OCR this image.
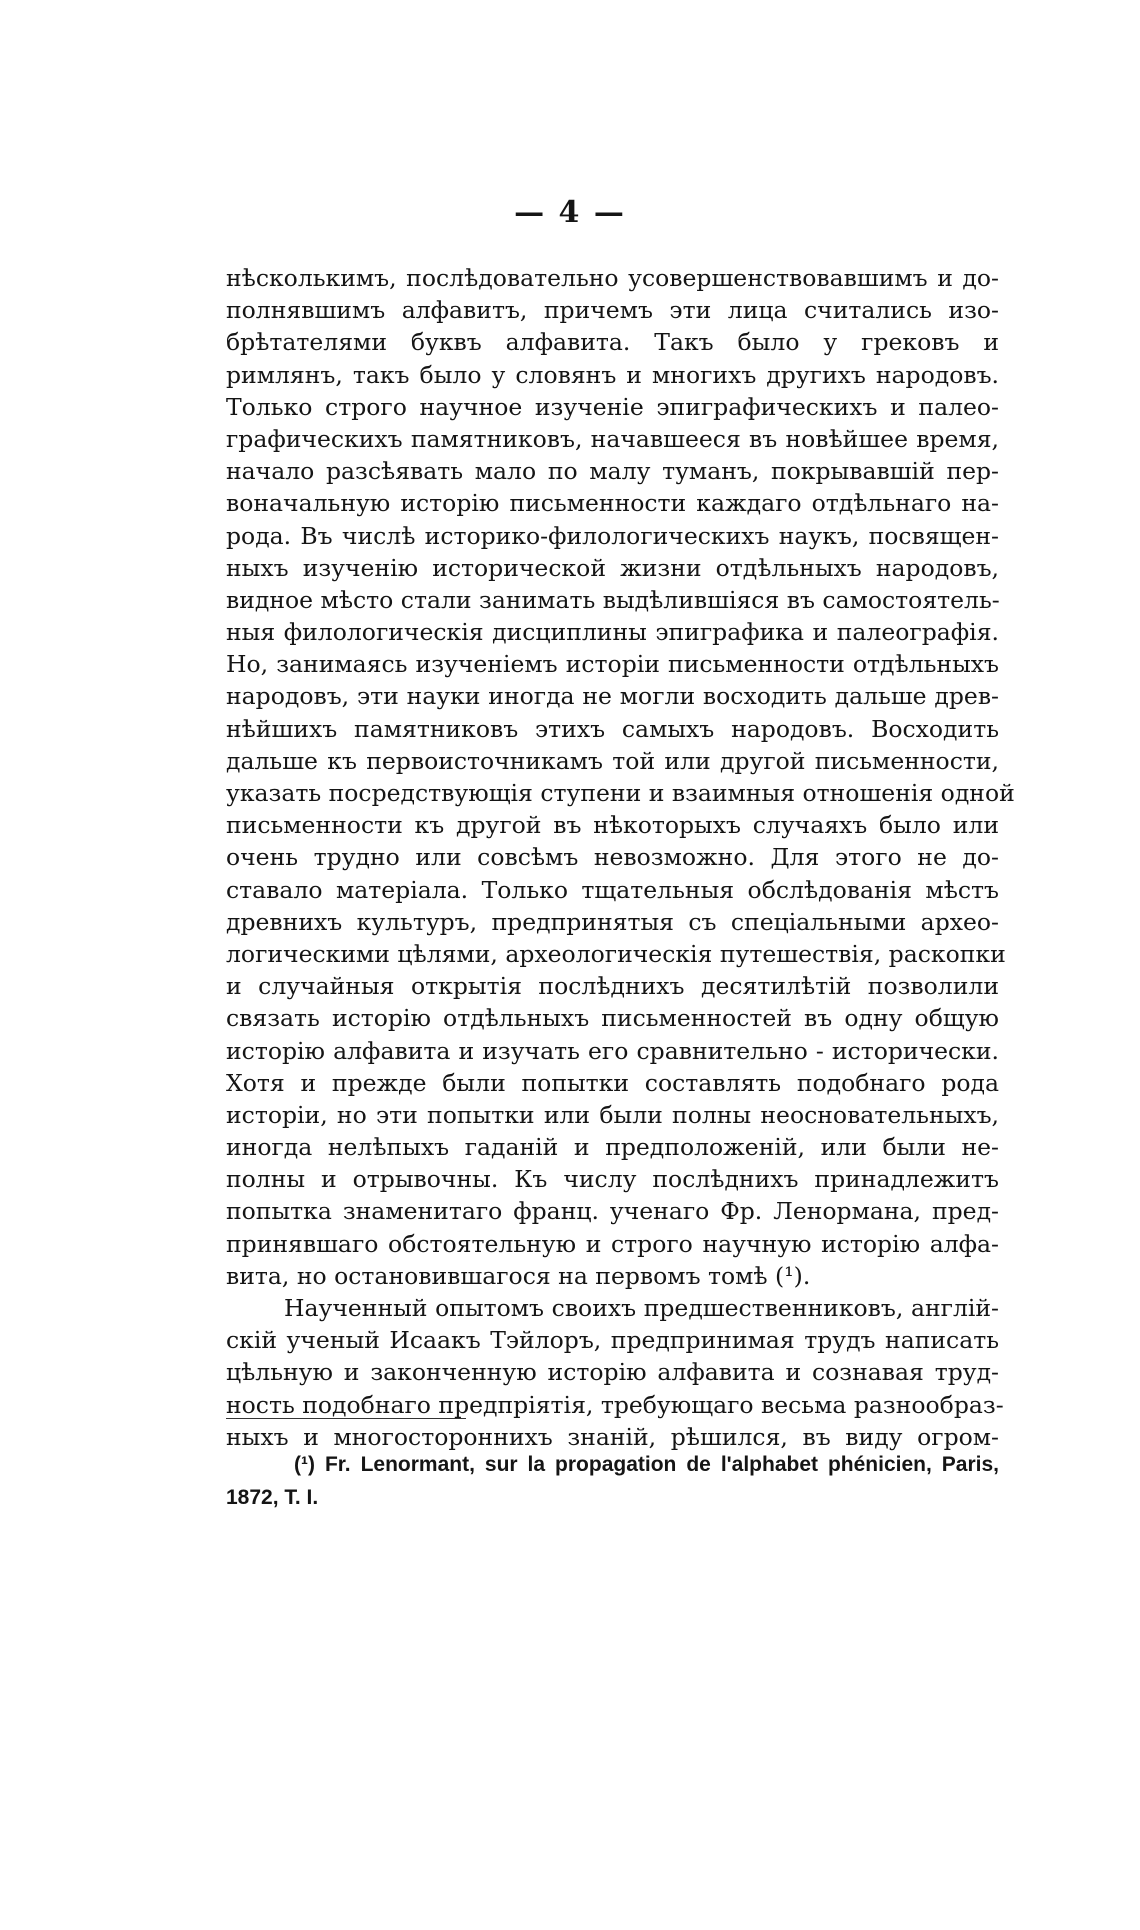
— 4 —
нѣсколькимъ, послѣдовательно усовершенствовавшимъ и до-
полнявшимъ алфавитъ, причемъ эти лица считались изо-
брѣтателями буквъ алфавита. Такъ было у грековъ и
римлянъ, такъ было у словянъ и многихъ другихъ народовъ.
Только строго научное изученіе эпиграфическихъ и палео-
графическихъ памятниковъ, начавшееся въ новѣйшее время,
начало разсѣявать мало по малу туманъ, покрывавшій пер-
воначальную исторію письменности каждаго отдѣльнаго на-
рода. Въ числѣ историко-филологическихъ наукъ, посвящен-
ныхъ изученію исторической жизни отдѣльныхъ народовъ,
видное мѣсто стали занимать выдѣлившіяся въ самостоятель-
ныя филологическія дисциплины эпиграфика и палеографія.
Но, занимаясь изученіемъ исторіи письменности отдѣльныхъ
народовъ, эти науки иногда не могли восходить дальше древ-
нѣйшихъ памятниковъ этихъ самыхъ народовъ. Восходить
дальше къ первоисточникамъ той или другой письменности,
указать посредствующія ступени и взаимныя отношенія одной
письменности къ другой въ нѣкоторыхъ случаяхъ было или
очень трудно или совсѣмъ невозможно. Для этого не до-
ставало матеріала. Только тщательныя обслѣдованія мѣстъ
древнихъ культуръ, предпринятыя съ спеціальными архео-
логическими цѣлями, археологическія путешествія, раскопки
и случайныя открытія послѣднихъ десятилѣтій позволили
связать исторію отдѣльныхъ письменностей въ одну общую
исторію алфавита и изучать его сравнительно - исторически.
Хотя и прежде были попытки составлять подобнаго рода
исторіи, но эти попытки или были полны неосновательныхъ,
иногда нелѣпыхъ гаданій и предположеній, или были не-
полны и отрывочны. Къ числу послѣднихъ принадлежитъ
попытка знаменитаго франц. ученаго Фр. Ленормана, пред-
принявшаго обстоятельную и строго научную исторію алфа-
вита, но остановившагося на первомъ томѣ (¹).
Наученный опытомъ своихъ предшественниковъ, англій-
скій ученый Исаакъ Тэйлоръ, предпринимая трудъ написать
цѣльную и законченную исторію алфавита и сознавая труд-
ность подобнаго предпріятія, требующаго весьма разнообраз-
ныхъ и многостороннихъ знаній, рѣшился, въ виду огром-
(¹) Fr. Lenormant, sur la propagation de l'alphabet phénicien, Paris,
1872, T. I.
